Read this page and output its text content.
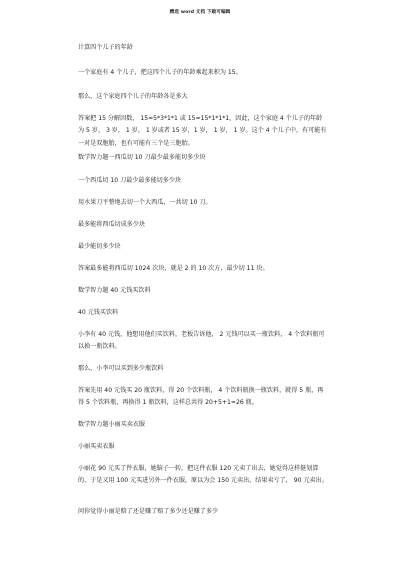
精选 word 文档 下载可编辑
计算四个儿子的年龄
一个家庭有 4 个儿子，把这四个儿子的年龄乘起来积为 15。
那么，这个家庭四个儿子的年龄各是多大
答案把 15 分解因数， 15=5*3*1*1 或 15=15*1*1*1，因此，这个家庭 4 个儿子的年龄为 5 岁， 3 岁， 1 岁， 1 岁或者 15 岁，1 岁， 1 岁， 1 岁。这个 4 个儿子中，有可能有一对是双胞胎，也有可能有三个是三胞胎。
数学智力题一西瓜切 10 刀最少最多能切多少块
一个西瓜切 10 刀最少最多能切多少块
用水果刀平整地去切一个大西瓜，一共切 10 刀。
最多能将西瓜切成多少块
最少能切多少块
答案最多能将西瓜切 1024 次块，就是 2 的 10 次方，最少切 11 块。
数学智力题 40 元钱买饮料
40 元钱买饮料
小李有 40 元钱，他想用他们买饮料，老板告诉他， 2 元钱可以买一瓶饮料， 4 个饮料瓶可以换一瓶饮料。
那么，小李可以买到多少瓶饮料
答案先用 40 元钱买 20 瓶饮料，得 20 个饮料瓶， 4 个饮料瓶换一瓶饮料，就得 5 瓶，再得 5 个饮料瓶，再换得 1 瓶饮料，这样总共得 20+5+1=26 瓶。
数学智力题小丽买卖衣服
小丽买卖衣服
小丽花 90 元买了件衣服，她脑子一转，把这件衣服 120 元卖了出去，她觉得这样挺划算的，于是又用 100 元买进另外一件衣服，原以为会 150 元卖出，结果卖亏了， 90 元卖出。
问你觉得小丽是赔了还是赚了赔了多少还是赚了多少
